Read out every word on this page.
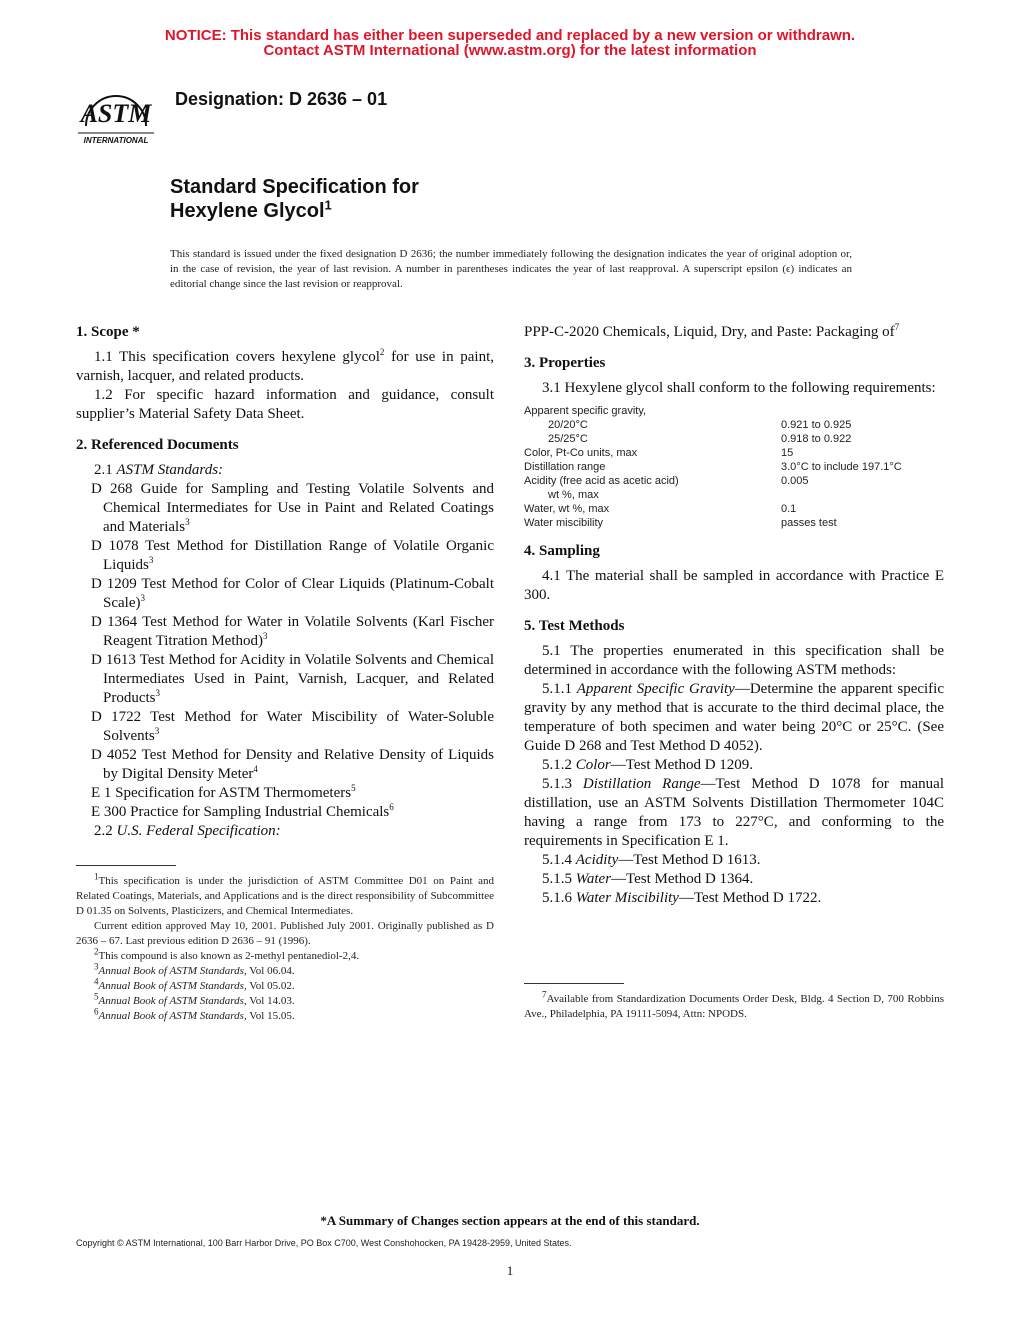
NOTICE: This standard has either been superseded and replaced by a new version or withdrawn.
Contact ASTM International (www.astm.org) for the latest information
ASTM
INTERNATIONAL
Designation: D 2636 – 01
Standard Specification for
Hexylene Glycol$^1$
This standard is issued under the fixed designation D 2636; the number immediately following the designation indicates the year of original adoption or, in the case of revision, the year of last revision. A number in parentheses indicates the year of last reapproval. A superscript epsilon (ϵ) indicates an editorial change since the last revision or reapproval.
1. Scope *

1.1 This specification covers hexylene glycol$^2$ for use in paint, varnish, lacquer, and related products.

1.2 For specific hazard information and guidance, consult supplier’s Material Safety Data Sheet.

2. Referenced Documents

2.1 ASTM Standards:

D 268 Guide for Sampling and Testing Volatile Solvents and Chemical Intermediates for Use in Paint and Related Coatings and Materials$^3$

D 1078 Test Method for Distillation Range of Volatile Organic Liquids$^3$

D 1209 Test Method for Color of Clear Liquids (Platinum-Cobalt Scale)$^3$

D 1364 Test Method for Water in Volatile Solvents (Karl Fischer Reagent Titration Method)$^3$

D 1613 Test Method for Acidity in Volatile Solvents and Chemical Intermediates Used in Paint, Varnish, Lacquer, and Related Products$^3$

D 1722 Test Method for Water Miscibility of Water-Soluble Solvents$^3$

D 4052 Test Method for Density and Relative Density of Liquids by Digital Density Meter$^4$

E 1 Specification for ASTM Thermometers$^5$

E 300 Practice for Sampling Industrial Chemicals$^6$

2.2 U.S. Federal Specification:

$^1$This specification is under the jurisdiction of ASTM Committee D01 on Paint and Related Coatings, Materials, and Applications and is the direct responsibility of Subcommittee D 01.35 on Solvents, Plasticizers, and Chemical Intermediates.

Current edition approved May 10, 2001. Published July 2001. Originally published as D 2636 – 67. Last previous edition D 2636 – 91 (1996).

$^2$This compound is also known as 2-methyl pentanediol-2,4.

$^3$Annual Book of ASTM Standards, Vol 06.04.

$^4$Annual Book of ASTM Standards, Vol 05.02.

$^5$Annual Book of ASTM Standards, Vol 14.03.

$^6$Annual Book of ASTM Standards, Vol 15.05.

PPP-C-2020 Chemicals, Liquid, Dry, and Paste: Packaging $of^7$

3. Properties

3.1 Hexylene glycol shall conform to the following requirements:

Apparent specific gravity,
20/20°C	0.921 to 0.925
25/25°C	0.918 to 0.922
Color, Pt-Co units, max	15
Distillation range	3.0°C to include 197.1°C
Acidity (free acid as acetic acid)	0.005
wt %, max
Water, wt %, max	0.1
Water miscibility	passes test
4. Sampling

4.1 The material shall be sampled in accordance with Practice E 300.

5. Test Methods

5.1 The properties enumerated in this specification shall be determined in accordance with the following ASTM methods:

5.1.1 Apparent Specific Gravity—Determine the apparent specific gravity by any method that is accurate to the third decimal place, the temperature of both specimen and water being 20°C or 25°C. (See Guide D 268 and Test Method D 4052).

5.1.2 Color—Test Method D 1209.

5.1.3 Distillation Range—Test Method D 1078 for manual distillation, use an ASTM Solvents Distillation Thermometer 104C having a range from 173 to 227°C, and conforming to the requirements in Specification E 1.

5.1.4 Acidity—Test Method D 1613.

5.1.5 Water—Test Method D 1364.

5.1.6 Water Miscibility—Test Method D 1722.

$^7$Available from Standardization Documents Order Desk, Bldg. 4 Section D, 700 Robbins Ave., Philadelphia, PA 19111-5094, Attn: NPODS.

*A Summary of Changes section appears at the end of this standard.
Copyright © ASTM International, 100 Barr Harbor Drive, PO Box C700, West Conshohocken, PA 19428-2959, United States.
1
